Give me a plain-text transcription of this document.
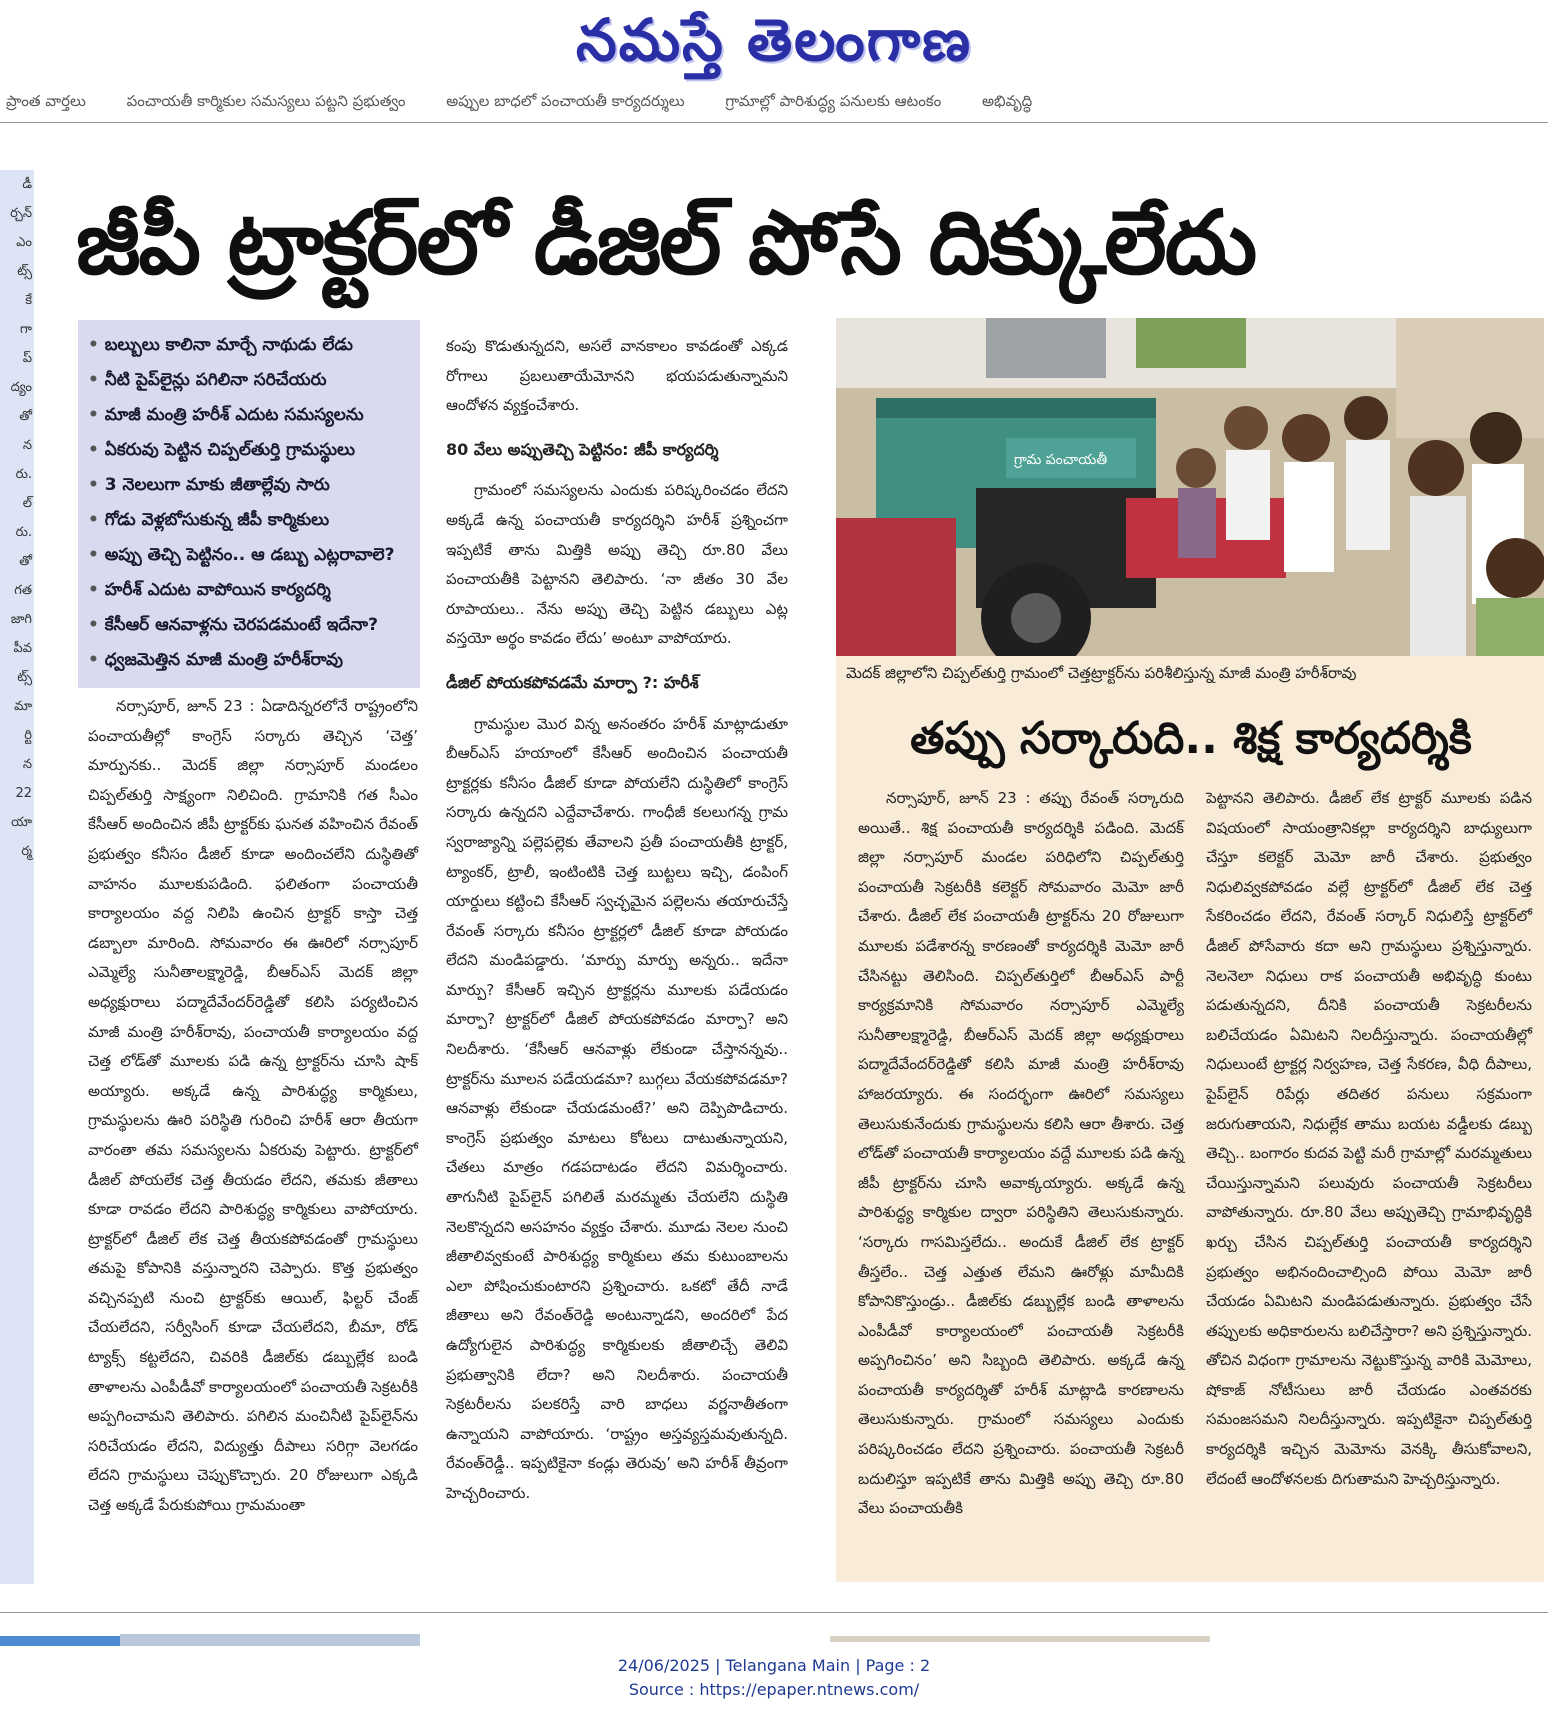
నమస్తే తెలంగాణ
ప్రాంత వార్తలు	పంచాయతీ కార్మికుల సమస్యలు పట్టని ప్రభుత్వం	అప్పుల బాధలో పంచాయతీ కార్యదర్శులు	గ్రామాల్లో పారిశుద్ధ్య పనులకు ఆటంకం	అభివృద్ధి
డీ
ర్చన్
ఎం
ట్స్
కే
గా
ప్
ద్యం
తో
న
రు.
ల్
రు.
తో
గత
జాగి
పీవ
ట్స్
మా
ర్టి
న
22
యా
ర్మ
జీపీ ట్రాక్టర్‌లో డీజిల్ పోసే దిక్కులేదు
• బల్బులు కాలినా మార్చే నాథుడు లేడు
• నీటి పైప్‌లైన్లు పగిలినా సరిచేయరు
• మాజీ మంత్రి హరీశ్ ఎదుట సమస్యలను
• ఏకరువు పెట్టిన చిప్పల్‌తుర్తి గ్రామస్థులు
• 3 నెలలుగా మాకు జీతాల్లేవు సారు
• గోడు వెళ్లబోసుకున్న జీపీ కార్మికులు
• అప్పు తెచ్చి పెట్టినం.. ఆ డబ్బు ఎట్లరావాలె?
• హరీశ్ ఎదుట వాపోయిన కార్యదర్శి
• కేసీఆర్ ఆనవాళ్లను చెరపడమంటే ఇదేనా?
• ధ్వజమెత్తిన మాజీ మంత్రి హరీశ్‌రావు

నర్సాపూర్, జూన్ 23 : ఏడాదిన్నరలోనే రాష్ట్రంలోని పంచాయతీల్లో కాంగ్రెస్ సర్కారు తెచ్చిన ‘చెత్త’ మార్పునకు.. మెదక్ జిల్లా నర్సాపూర్ మండలం చిప్పల్‌తుర్తి సాక్ష్యంగా నిలిచింది. గ్రామానికి గత సీఎం కేసీఆర్ అందించిన జీపీ ట్రాక్టర్‌కు ఘనత వహించిన రేవంత్ ప్రభుత్వం కనీసం డీజిల్ కూడా అందించలేని దుస్థితితో వాహనం మూలకుపడింది. ఫలితంగా పంచాయతీ కార్యాలయం వద్ద నిలిపి ఉంచిన ట్రాక్టర్ కాస్తా చెత్త డబ్బాలా మారింది. సోమవారం ఈ ఊరిలో నర్సాపూర్ ఎమ్మెల్యే సునీతాలక్ష్మారెడ్డి, బీఆర్ఎస్ మెదక్ జిల్లా అధ్యక్షురాలు పద్మాదేవేందర్‌రెడ్డితో కలిసి పర్యటించిన మాజీ మంత్రి హరీశ్‌రావు, పంచాయతీ కార్యాలయం వద్ద చెత్త లోడ్‌తో మూలకు పడి ఉన్న ట్రాక్టర్‌ను చూసి షాక్ అయ్యారు. అక్కడే ఉన్న పారిశుద్ధ్య కార్మికులు, గ్రామస్థులను ఊరి పరిస్థితి గురించి హరీశ్ ఆరా తీయగా వారంతా తమ సమస్యలను ఏకరువు పెట్టారు. ట్రాక్టర్‌లో డీజిల్ పోయలేక చెత్త తీయడం లేదని, తమకు జీతాలు కూడా రావడం లేదని పారిశుద్ధ్య కార్మికులు వాపోయారు. ట్రాక్టర్‌లో డీజిల్ లేక చెత్త తీయకపోవడంతో గ్రామస్థులు తమపై కోపానికి వస్తున్నారని చెప్పారు. కొత్త ప్రభుత్వం వచ్చినప్పటి నుంచి ట్రాక్టర్‌కు ఆయిల్, ఫిల్టర్ చేంజ్ చేయలేదని, సర్వీసింగ్ కూడా చేయలేదని, బీమా, రోడ్ ట్యాక్స్ కట్టలేదని, చివరికి డీజిల్‌కు డబ్బుల్లేక బండి తాళాలను ఎంపీడీవో కార్యాలయంలో పంచాయతీ సెక్రటరీకి అప్పగించామని తెలిపారు. పగిలిన మంచినీటి పైప్‌లైన్‌ను సరిచేయడం లేదని, విద్యుత్తు దీపాలు సరిగ్గా వెలగడం లేదని గ్రామస్థులు చెప్పుకొచ్చారు. 20 రోజులుగా ఎక్కడి చెత్త అక్కడే పేరుకుపోయి గ్రామమంతా

కంపు కొడుతున్నదని, అసలే వానకాలం కావడంతో ఎక్కడ రోగాలు ప్రబలుతాయేమోనని భయపడుతున్నామని ఆందోళన వ్యక్తంచేశారు.

80 వేలు అప్పుతెచ్చి పెట్టినం: జీపీ కార్యదర్శి

గ్రామంలో సమస్యలను ఎందుకు పరిష్కరించడం లేదని అక్కడే ఉన్న పంచాయతీ కార్యదర్శిని హరీశ్ ప్రశ్నించగా ఇప్పటికే తాను మిత్తికి అప్పు తెచ్చి రూ.80 వేలు పంచాయతీకి పెట్టానని తెలిపారు. ‘నా జీతం 30 వేల రూపాయలు.. నేను అప్పు తెచ్చి పెట్టిన డబ్బులు ఎట్ల వస్తయో అర్థం కావడం లేదు’ అంటూ వాపోయారు.

డీజిల్ పోయకపోవడమే మార్పా ?: హరీశ్

గ్రామస్థుల మొర విన్న అనంతరం హరీశ్ మాట్లాడుతూ బీఆర్ఎస్ హయాంలో కేసీఆర్ అందించిన పంచాయతీ ట్రాక్టర్లకు కనీసం డీజిల్ కూడా పోయలేని దుస్థితిలో కాంగ్రెస్ సర్కారు ఉన్నదని ఎద్దేవాచేశారు. గాంధీజీ కలలుగన్న గ్రామ స్వరాజ్యాన్ని పల్లెపల్లెకు తేవాలని ప్రతీ పంచాయతీకి ట్రాక్టర్, ట్యాంకర్, ట్రాలీ, ఇంటింటికి చెత్త బుట్టలు ఇచ్చి, డంపింగ్ యార్డులు కట్టించి కేసీఆర్ స్వచ్ఛమైన పల్లెలను తయారుచేస్తే రేవంత్ సర్కారు కనీసం ట్రాక్టర్లలో డీజిల్ కూడా పోయడం లేదని మండిపడ్డారు. ‘మార్పు మార్పు అన్నరు.. ఇదేనా మార్పు? కేసీఆర్ ఇచ్చిన ట్రాక్టర్లను మూలకు పడేయడం మార్పా? ట్రాక్టర్‌లో డీజిల్ పోయకపోవడం మార్పా? అని నిలదీశారు. ‘కేసీఆర్ ఆనవాళ్లు లేకుండా చేస్తానన్నవు.. ట్రాక్టర్‌ను మూలన పడేయడమా? బుగ్గలు వేయకపోవడమా? ఆనవాళ్లు లేకుండా చేయడమంటే?’ అని దెప్పిపొడిచారు. కాంగ్రెస్ ప్రభుత్వం మాటలు కోటలు దాటుతున్నాయని, చేతలు మాత్రం గడపదాటడం లేదని విమర్శించారు. తాగునీటి పైప్‌లైన్ పగిలితే మరమ్మతు చేయలేని దుస్థితి నెలకొన్నదని అసహనం వ్యక్తం చేశారు. మూడు నెలల నుంచి జీతాలివ్వకుంటే పారిశుద్ధ్య కార్మికులు తమ కుటుంబాలను ఎలా పోషించుకుంటారని ప్రశ్నించారు. ఒకటో తేదీ నాడే జీతాలు అని రేవంత్‌రెడ్డి అంటున్నాడని, అందరిలో పేద ఉద్యోగులైన పారిశుద్ధ్య కార్మికులకు జీతాలిచ్చే తెలివి ప్రభుత్వానికి లేదా? అని నిలదీశారు. పంచాయతీ సెక్రటరీలను పలకరిస్తే వారి బాధలు వర్ణనాతీతంగా ఉన్నాయని వాపోయారు. ‘రాష్ట్రం అస్తవ్యస్తమవుతున్నది. రేవంత్‌రెడ్డీ.. ఇప్పటికైనా కండ్లు తెరువు’ అని హరీశ్ తీవ్రంగా హెచ్చరించారు.

గ్రామ పంచాయతీ
మెదక్ జిల్లాలోని చిప్పల్‌తుర్తి గ్రామంలో చెత్తట్రాక్టర్‌ను పరిశీలిస్తున్న మాజీ మంత్రి హరీశ్‌రావు
తప్పు సర్కారుది.. శిక్ష కార్యదర్శికి

నర్సాపూర్, జూన్ 23 : తప్పు రేవంత్ సర్కారుది అయితే.. శిక్ష పంచాయతీ కార్యదర్శికి పడింది. మెదక్ జిల్లా నర్సాపూర్ మండల పరిధిలోని చిప్పల్‌తుర్తి పంచాయతీ సెక్రటరీకి కలెక్టర్ సోమవారం మెమో జారీ చేశారు. డీజిల్ లేక పంచాయతీ ట్రాక్టర్‌ను 20 రోజులుగా మూలకు పడేశారన్న కారణంతో కార్యదర్శికి మెమో జారీ చేసినట్టు తెలిసింది. చిప్పల్‌తుర్తిలో బీఆర్ఎస్ పార్టీ కార్యక్రమానికి సోమవారం నర్సాపూర్ ఎమ్మెల్యే సునీతాలక్ష్మారెడ్డి, బీఆర్ఎస్ మెదక్ జిల్లా అధ్యక్షురాలు పద్మాదేవేందర్‌రెడ్డితో కలిసి మాజీ మంత్రి హరీశ్‌రావు హాజరయ్యారు. ఈ సందర్భంగా ఊరిలో సమస్యలు తెలుసుకునేందుకు గ్రామస్థులను కలిసి ఆరా తీశారు. చెత్త లోడ్‌తో పంచాయతీ కార్యాలయం వద్దే మూలకు పడి ఉన్న జీపీ ట్రాక్టర్‌ను చూసి అవాక్కయ్యారు. అక్కడే ఉన్న పారిశుద్ధ్య కార్మికుల ద్వారా పరిస్థితిని తెలుసుకున్నారు. ‘సర్కారు గాసమిస్తలేదు.. అందుకే డీజిల్ లేక ట్రాక్టర్ తీస్తలేం.. చెత్త ఎత్తుత లేమని ఊరోళ్లు మామీదికి కోపానికొస్తుండ్రు.. డీజిల్‌కు డబ్బుల్లేక బండి తాళాలను ఎంపీడీవో కార్యాలయంలో పంచాయతీ సెక్రటరీకి అప్పగించినం’ అని సిబ్బంది తెలిపారు. అక్కడే ఉన్న పంచాయతీ కార్యదర్శితో హరీశ్ మాట్లాడి కారణాలను తెలుసుకున్నారు. గ్రామంలో సమస్యలు ఎందుకు పరిష్కరించడం లేదని ప్రశ్నించారు. పంచాయతీ సెక్రటరీ బదులిస్తూ ఇప్పటికే తాను మిత్తికి అప్పు తెచ్చి రూ.80 వేలు పంచాయతీకి

పెట్టానని తెలిపారు. డీజిల్ లేక ట్రాక్టర్ మూలకు పడిన విషయంలో సాయంత్రానికల్లా కార్యదర్శిని బాధ్యులుగా చేస్తూ కలెక్టర్ మెమో జారీ చేశారు. ప్రభుత్వం నిధులివ్వకపోవడం వల్లే ట్రాక్టర్‌లో డీజిల్ లేక చెత్త సేకరించడం లేదని, రేవంత్ సర్కార్ నిధులిస్తే ట్రాక్టర్‌లో డీజిల్ పోసేవారు కదా అని గ్రామస్థులు ప్రశ్నిస్తున్నారు. నెలనెలా నిధులు రాక పంచాయతీ అభివృద్ధి కుంటు పడుతున్నదని, దీనికి పంచాయతీ సెక్రటరీలను బలిచేయడం ఏమిటని నిలదీస్తున్నారు. పంచాయతీల్లో నిధులుంటే ట్రాక్టర్ల నిర్వహణ, చెత్త సేకరణ, వీధి దీపాలు, పైప్‌లైన్ రిపేర్లు తదితర పనులు సక్రమంగా జరుగుతాయని, నిధుల్లేక తాము బయట వడ్డీలకు డబ్బు తెచ్చి.. బంగారం కుదవ పెట్టి మరీ గ్రామాల్లో మరమ్మతులు చేయిస్తున్నామని పలువురు పంచాయతీ సెక్రటరీలు వాపోతున్నారు. రూ.80 వేలు అప్పుతెచ్చి గ్రామాభివృద్ధికి ఖర్చు చేసిన చిప్పల్‌తుర్తి పంచాయతీ కార్యదర్శిని ప్రభుత్వం అభినందించాల్సింది పోయి మెమో జారీ చేయడం ఏమిటని మండిపడుతున్నారు. ప్రభుత్వం చేసే తప్పులకు అధికారులను బలిచేస్తారా? అని ప్రశ్నిస్తున్నారు. తోచిన విధంగా గ్రామాలను నెట్టుకొస్తున్న వారికి మెమోలు, షోకాజ్ నోటీసులు జారీ చేయడం ఎంతవరకు సమంజసమని నిలదీస్తున్నారు. ఇప్పటికైనా చిప్పల్‌తుర్తి కార్యదర్శికి ఇచ్చిన మెమోను వెనక్కి తీసుకోవాలని, లేదంటే ఆందోళనలకు దిగుతామని హెచ్చరిస్తున్నారు.

24/06/2025 | Telangana Main | Page : 2
Source : https://epaper.ntnews.com/
